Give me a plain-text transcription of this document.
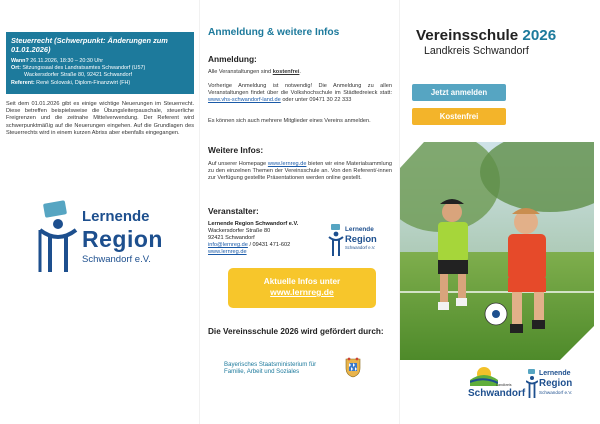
Steuerrecht (Schwerpunkt: Änderungen zum 01.01.2026)
Wann? 26.11.2026, 18:30 – 20:30 Uhr
Ort: Sitzungssaal des Landratsamtes Schwandorf (U57)
Wackersdorfer Straße 80, 92421 Schwandorf
Referent: René Solowski, Diplom-Finanzwirt (FH)
Seit dem 01.01.2026 gibt es einige wichtige Neuerungen im Steuerrecht. Diese betreffen beispielsweise die Übungsleiterpauschale, steuerliche Freigrenzen und die zeitnahe Mittelverwendung. Der Referent wird schwerpunktmäßig auf die Neuerungen eingehen. Auf die Grundlagen des Steuerrechts wird in einem kurzen Abriss aber ebenfalls eingegangen.
Lernende
Region
Schwandorf e.V.
Anmeldung & weitere Infos
Anmeldung:
Alle Veranstaltungen sind kostenfrei.
Vorherige Anmeldung ist notwendig! Die Anmeldung zu allen Veranstaltungen findet über die Volkshochschule im Städtedreieck statt: www.vhs-schwandorf-land.de oder unter 09471 30 22 333
Es können sich auch mehrere Mitglieder eines Vereins anmelden.
Weitere Infos:
Auf unserer Homepage www.lernreg.de bieten wir eine Materialsammlung zu den einzelnen Themen der Vereinsschule an. Von den Referent/-innen zur Verfügung gestellte Präsentationen werden online gestellt.
Veranstalter:
Lernende Region Schwandorf e.V.
Wackersdorfer Straße 80
92421 Schwandorf
info@lernreg.de / 09431 471-602
www.lernreg.de
Lernende
Region
Schwandorf e.V.
Aktuelle Infos unter
www.lernreg.de
Die Vereinsschule 2026 wird gefördert durch:
Bayerisches Staatsministerium für
Familie, Arbeit und Soziales
Vereinsschule 2026
Landkreis Schwandorf
Jetzt anmelden
Kostenfrei
Landkreis
Schwandorf
Lernende
Region
Schwandorf e.V.
